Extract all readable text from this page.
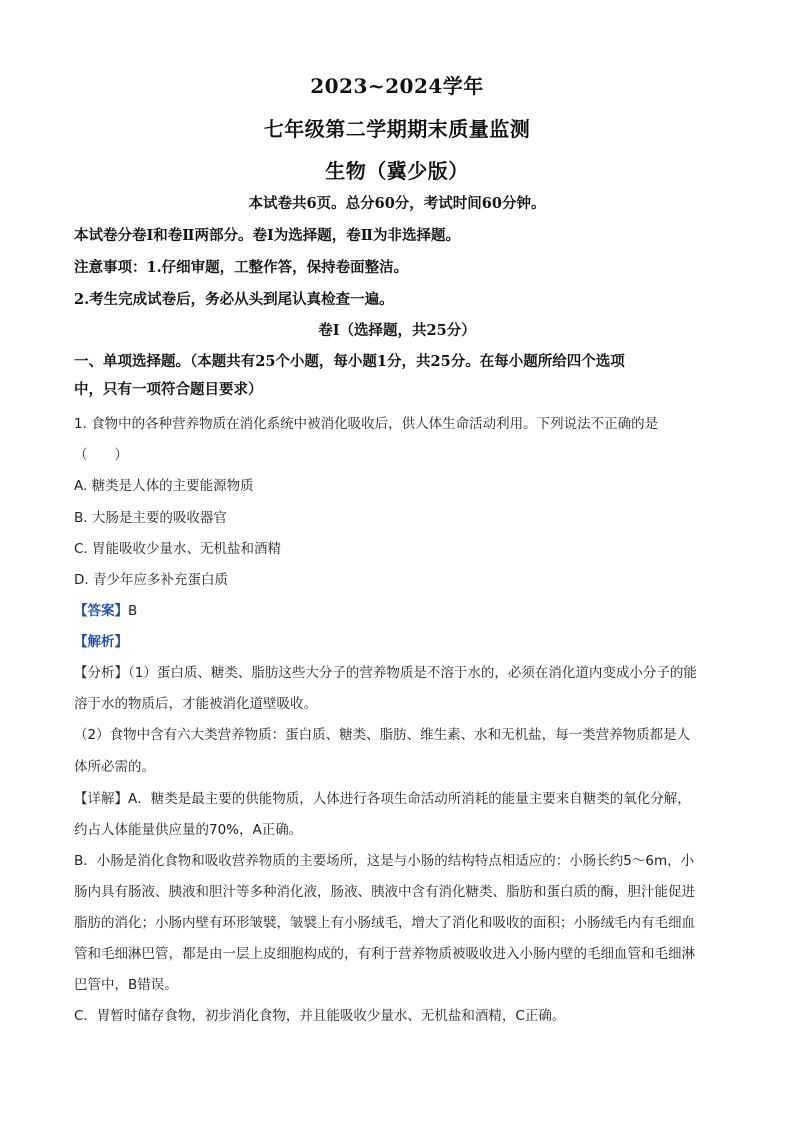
2023~2024学年
七年级第二学期期末质量监测
生物（冀少版）
本试卷共6页。总分60分，考试时间60分钟。
本试卷分卷Ⅰ和卷Ⅱ两部分。卷Ⅰ为选择题，卷Ⅱ为非选择题。
注意事项：1.仔细审题，工整作答，保持卷面整洁。
2.考生完成试卷后，务必从头到尾认真检查一遍。
卷Ⅰ（选择题，共25分）
一、单项选择题。（本题共有25个小题，每小题1分，共25分。在每小题所给四个选项
中，只有一项符合题目要求）
1. 食物中的各种营养物质在消化系统中被消化吸收后，供人体生命活动利用。下列说法不正确的是
（　　）
A. 糖类是人体的主要能源物质
B. 大肠是主要的吸收器官
C. 胃能吸收少量水、无机盐和酒精
D. 青少年应多补充蛋白质
【答案】B
【解析】
【分析】（1）蛋白质、糖类、脂肪这些大分子的营养物质是不溶于水的，必须在消化道内变成小分子的能
溶于水的物质后，才能被消化道壁吸收。
（2）食物中含有六大类营养物质：蛋白质、糖类、脂肪、维生素、水和无机盐，每一类营养物质都是人
体所必需的。
【详解】A．糖类是最主要的供能物质，人体进行各项生命活动所消耗的能量主要来自糖类的氧化分解，
约占人体能量供应量的70%，A正确。
B．小肠是消化食物和吸收营养物质的主要场所，这是与小肠的结构特点相适应的：小肠长约5～6m，小
肠内具有肠液、胰液和胆汁等多种消化液，肠液、胰液中含有消化糖类、脂肪和蛋白质的酶，胆汁能促进
脂肪的消化；小肠内壁有环形皱襞，皱襞上有小肠绒毛，增大了消化和吸收的面积；小肠绒毛内有毛细血
管和毛细淋巴管，都是由一层上皮细胞构成的，有利于营养物质被吸收进入小肠内壁的毛细血管和毛细淋
巴管中，B错误。
C．胃暂时储存食物，初步消化食物，并且能吸收少量水、无机盐和酒精，C正确。
